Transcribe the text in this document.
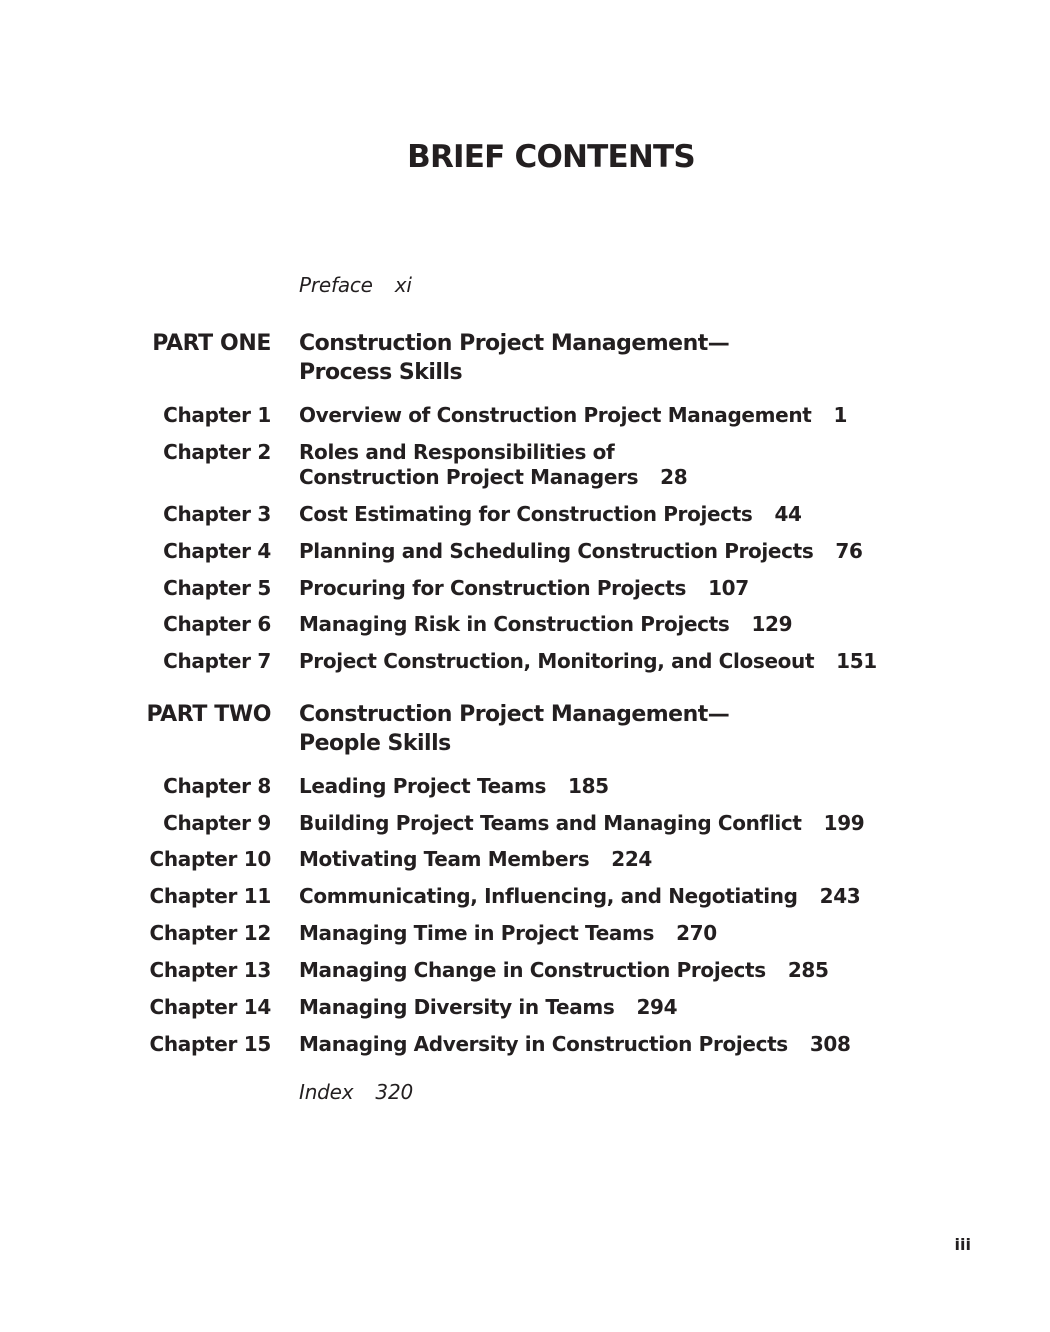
BRIEF CONTENTS
Preface xi
PART ONE Construction Project Management—
Process Skills
Chapter 1 Overview of Construction Project Management 1
Chapter 2 Roles and Responsibilities of
Construction Project Managers 28
Chapter 3 Cost Estimating for Construction Projects 44
Chapter 4 Planning and Scheduling Construction Projects 76
Chapter 5 Procuring for Construction Projects 107
Chapter 6 Managing Risk in Construction Projects 129
Chapter 7 Project Construction, Monitoring, and Closeout 151
PART TWO Construction Project Management—
People Skills
Chapter 8 Leading Project Teams 185
Chapter 9 Building Project Teams and Managing Conflict 199
Chapter 10 Motivating Team Members 224
Chapter 11 Communicating, Influencing, and Negotiating 243
Chapter 12 Managing Time in Project Teams 270
Chapter 13 Managing Change in Construction Projects 285
Chapter 14 Managing Diversity in Teams 294
Chapter 15 Managing Adversity in Construction Projects 308
Index 320
iii
